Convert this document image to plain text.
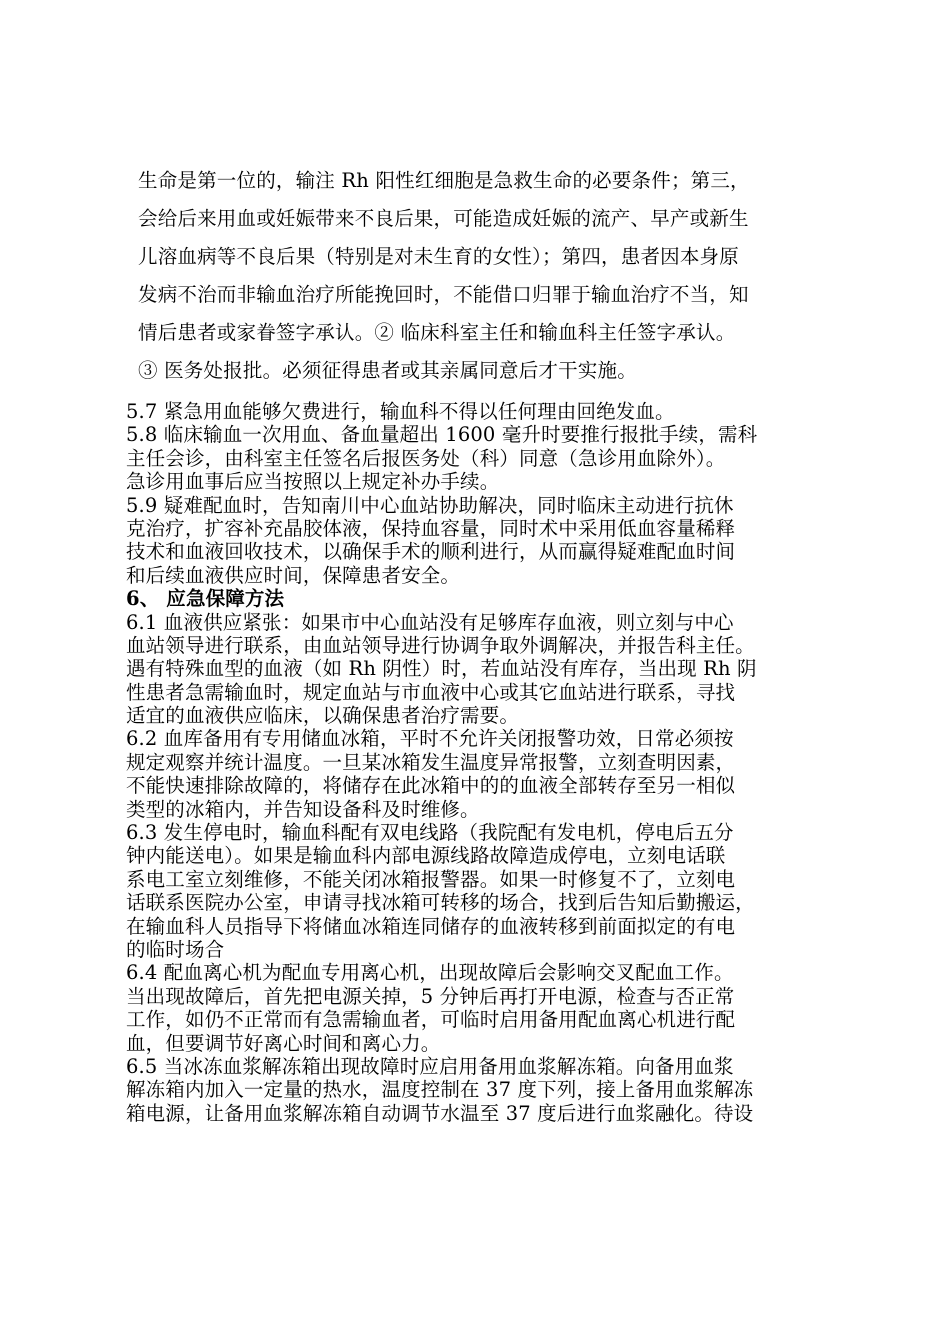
生命是第一位的，输注 Rh 阳性红细胞是急救生命的必要条件；第三，
会给后来用血或妊娠带来不良后果，可能造成妊娠的流产、早产或新生
儿溶血病等不良后果（特别是对未生育的女性）；第四，患者因本身原
发病不治而非输血治疗所能挽回时，不能借口归罪于输血治疗不当，知
情后患者或家眷签字承认。② 临床科室主任和输血科主任签字承认。
③ 医务处报批。必须征得患者或其亲属同意后才干实施。
5.7 紧急用血能够欠费进行，输血科不得以任何理由回绝发血。
5.8 临床输血一次用血、备血量超出 1600 毫升时要推行报批手续，需科
主任会诊，由科室主任签名后报医务处（科）同意（急诊用血除外）。
急诊用血事后应当按照以上规定补办手续。
5.9 疑难配血时，告知南川中心血站协助解决，同时临床主动进行抗休
克治疗，扩容补充晶胶体液，保持血容量，同时术中采用低血容量稀释
技术和血液回收技术，以确保手术的顺利进行，从而赢得疑难配血时间
和后续血液供应时间，保障患者安全。
6、 应急保障方法
6.1 血液供应紧张：如果市中心血站没有足够库存血液，则立刻与中心
血站领导进行联系，由血站领导进行协调争取外调解决，并报告科主任。
遇有特殊血型的血液（如 Rh 阴性）时，若血站没有库存，当出现 Rh 阴
性患者急需输血时，规定血站与市血液中心或其它血站进行联系，寻找
适宜的血液供应临床，以确保患者治疗需要。
6.2 血库备用有专用储血冰箱，平时不允许关闭报警功效，日常必须按
规定观察并统计温度。一旦某冰箱发生温度异常报警，立刻查明因素，
不能快速排除故障的，将储存在此冰箱中的的血液全部转存至另一相似
类型的冰箱内，并告知设备科及时维修。
6.3 发生停电时，输血科配有双电线路（我院配有发电机，停电后五分
钟内能送电）。如果是输血科内部电源线路故障造成停电，立刻电话联
系电工室立刻维修，不能关闭冰箱报警器。如果一时修复不了，立刻电
话联系医院办公室，申请寻找冰箱可转移的场合，找到后告知后勤搬运，
在输血科人员指导下将储血冰箱连同储存的血液转移到前面拟定的有电
的临时场合
6.4 配血离心机为配血专用离心机，出现故障后会影响交叉配血工作。
当出现故障后，首先把电源关掉，5 分钟后再打开电源，检查与否正常
工作，如仍不正常而有急需输血者，可临时启用备用配血离心机进行配
血，但要调节好离心时间和离心力。
6.5 当冰冻血浆解冻箱出现故障时应启用备用血浆解冻箱。向备用血浆
解冻箱内加入一定量的热水，温度控制在 37 度下列，接上备用血浆解冻
箱电源，让备用血浆解冻箱自动调节水温至 37 度后进行血浆融化。待设
